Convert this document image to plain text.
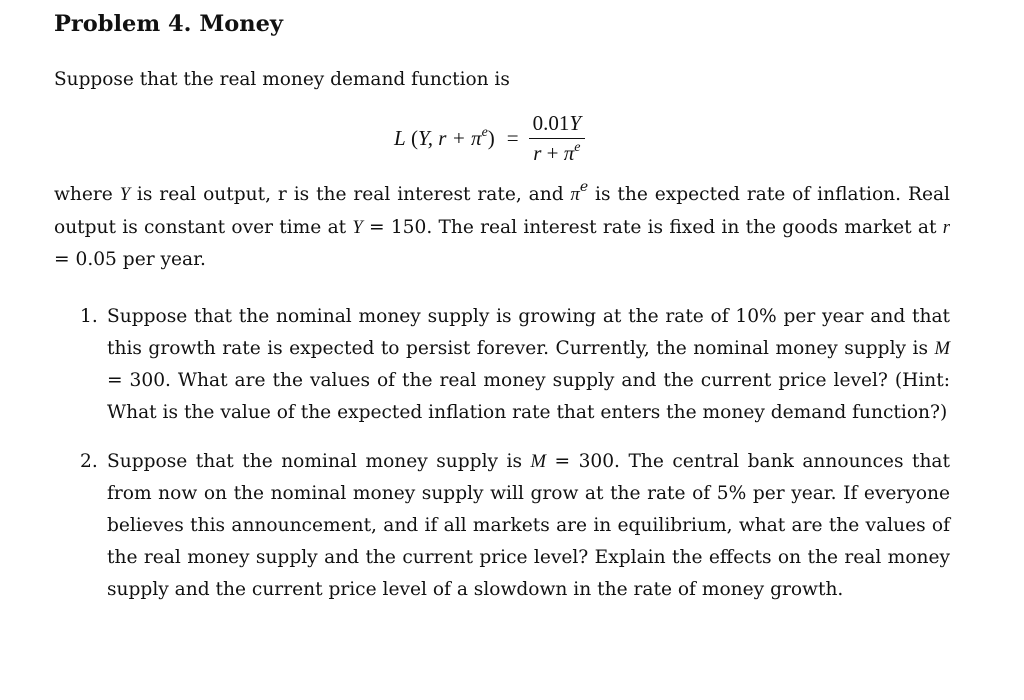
Problem 4. Money

Suppose that the real money demand function is

L (Y, $r + \pi^e) = \frac{0.01Y}{r + \pi^e}$

where Y is real output, r is the real interest rate, and $\pi^e$ is the expected rate of inflation. Real output is constant over time at Y = 150. The real interest rate is fixed in the goods market at r = 0.05 per year.

1. Suppose that the nominal money supply is growing at the rate of 10% per year and that this growth rate is expected to persist forever. Currently, the nominal money supply is M = 300. What are the values of the real money supply and the current price level? (Hint: What is the value of the expected inflation rate that enters the money demand function?)
2. Suppose that the nominal money supply is M = 300. The central bank announces that from now on the nominal money supply will grow at the rate of 5% per year. If everyone believes this announcement, and if all markets are in equilibrium, what are the values of the real money supply and the current price level? Explain the effects on the real money supply and the current price level of a slowdown in the rate of money growth.
